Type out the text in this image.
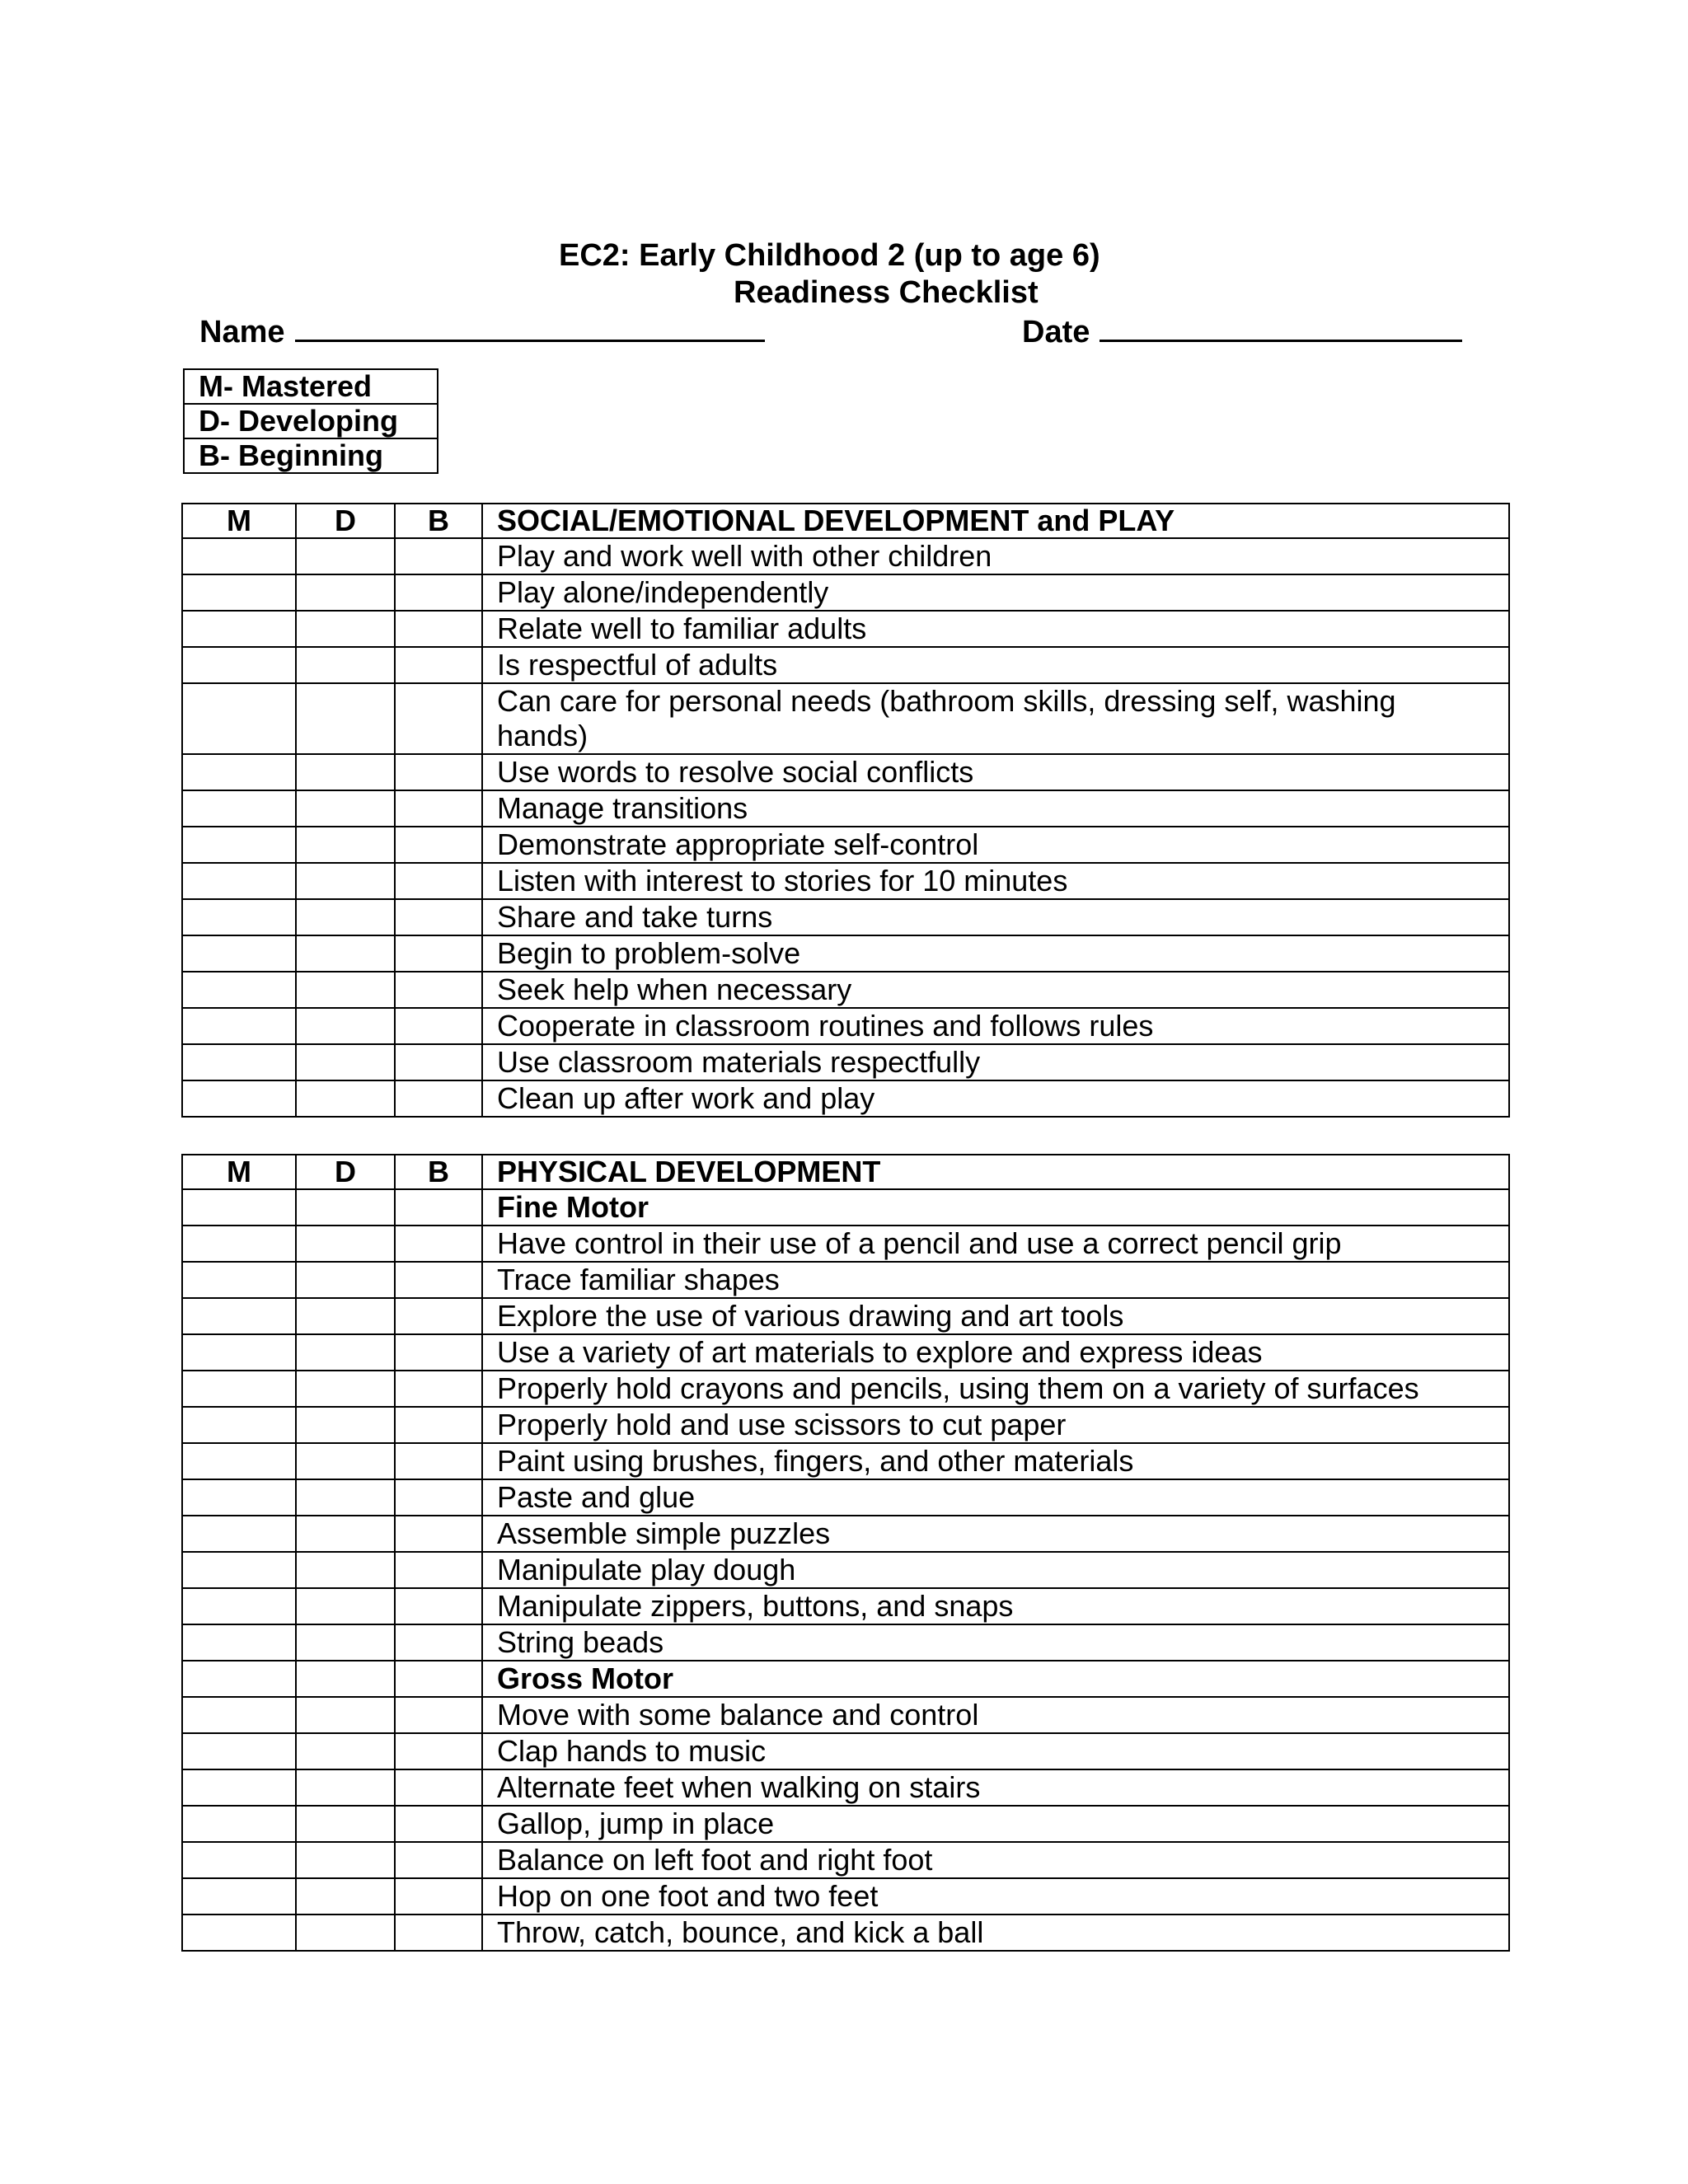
EC2: Early Childhood 2 (up to age 6)
Readiness Checklist
Name	Date
M- Mastered
D- Developing
B- Beginning
M	D	B	SOCIAL/EMOTIONAL DEVELOPMENT and PLAY
			Play and work well with other children
			Play alone/independently
			Relate well to familiar adults
			Is respectful of adults
			Can care for personal needs (bathroom skills, dressing self, washing hands)
			Use words to resolve social conflicts
			Manage transitions
			Demonstrate appropriate self-control
			Listen with interest to stories for 10 minutes
			Share and take turns
			Begin to problem-solve
			Seek help when necessary
			Cooperate in classroom routines and follows rules
			Use classroom materials respectfully
			Clean up after work and play
M	D	B	PHYSICAL DEVELOPMENT
			Fine Motor
			Have control in their use of a pencil and use a correct pencil grip
			Trace familiar shapes
			Explore the use of various drawing and art tools
			Use a variety of art materials to explore and express ideas
			Properly hold crayons and pencils, using them on a variety of surfaces
			Properly hold and use scissors to cut paper
			Paint using brushes, fingers, and other materials
			Paste and glue
			Assemble simple puzzles
			Manipulate play dough
			Manipulate zippers, buttons, and snaps
			String beads
			Gross Motor
			Move with some balance and control
			Clap hands to music
			Alternate feet when walking on stairs
			Gallop, jump in place
			Balance on left foot and right foot
			Hop on one foot and two feet
			Throw, catch, bounce, and kick a ball
